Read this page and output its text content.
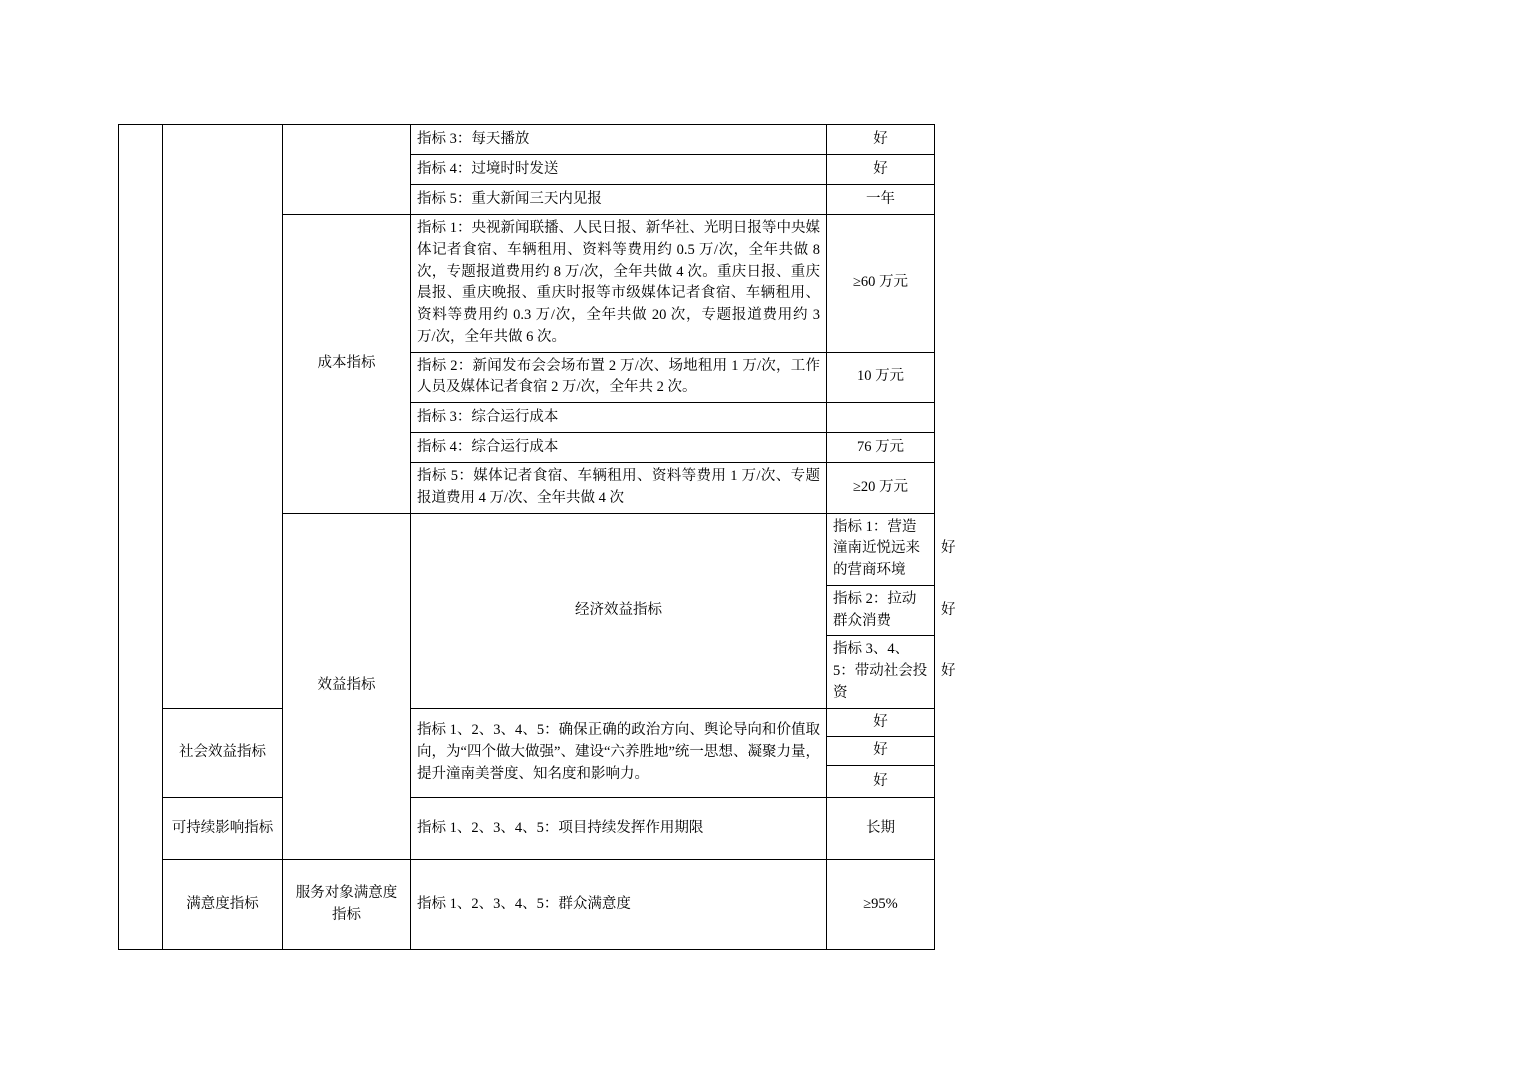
			指标 3：每天播放	好	
			指标 4：过境时时发送	好	
			指标 5：重大新闻三天内见报	一年	
		成本指标	指标 1：央视新闻联播、人民日报、新华社、光明日报等中央媒体记者食宿、车辆租用、资料等费用约 0.5 万/次，全年共做 8 次，专题报道费用约 8 万/次，全年共做 4 次。重庆日报、重庆晨报、重庆晚报、重庆时报等市级媒体记者食宿、车辆租用、资料等费用约 0.3 万/次，全年共做 20 次，专题报道费用约 3 万/次，全年共做 6 次。	≥60 万元	
			指标 2：新闻发布会会场布置 2 万/次、场地租用 1 万/次，工作人员及媒体记者食宿 2 万/次，全年共 2 次。	10 万元	
			指标 3：综合运行成本		
			指标 4：综合运行成本	76 万元	
			指标 5：媒体记者食宿、车辆租用、资料等费用 1 万/次、专题报道费用 4 万/次、全年共做 4 次	≥20 万元	
		效益指标	经济效益指标	指标 1：营造潼南近悦远来的营商环境	好
				指标 2：拉动群众消费	好
				指标 3、4、5：带动社会投资	好
	社会效益指标		指标 1、2、3、4、5：确保正确的政治方向、舆论导向和价值取向，为“四个做大做强”、建设“六养胜地”统一思想、凝聚力量，提升潼南美誉度、知名度和影响力。	好	
				好	
				好	
	可持续影响指标		指标 1、2、3、4、5：项目持续发挥作用期限	长期	
	满意度指标	服务对象满意度指标	指标 1、2、3、4、5：群众满意度	≥95%	
